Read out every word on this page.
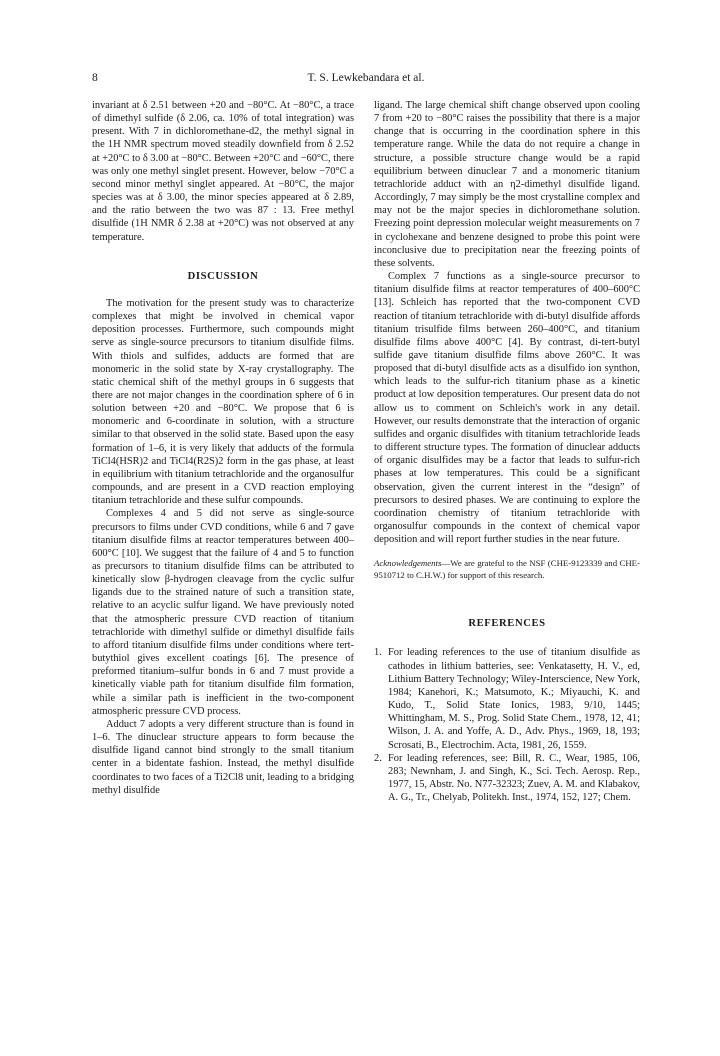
8	T. S. Lewkebandara et al.

invariant at δ 2.51 between +20 and −80°C. At −80°C, a trace of dimethyl sulfide (δ 2.06, ca. 10% of total integration) was present. With 7 in dichloromethane-d2, the methyl signal in the 1H NMR spectrum moved steadily downfield from δ 2.52 at +20°C to δ 3.00 at −80°C. Between +20°C and −60°C, there was only one methyl singlet present. However, below −70°C a second minor methyl singlet appeared. At −80°C, the major species was at δ 3.00, the minor species appeared at δ 2.89, and the ratio between the two was 87 : 13. Free methyl disulfide (1H NMR δ 2.38 at +20°C) was not observed at any temperature.

DISCUSSION

The motivation for the present study was to characterize complexes that might be involved in chemical vapor deposition processes. Furthermore, such compounds might serve as single-source precursors to titanium disulfide films. With thiols and sulfides, adducts are formed that are monomeric in the solid state by X-ray crystallography. The static chemical shift of the methyl groups in 6 suggests that there are not major changes in the coordination sphere of 6 in solution between +20 and −80°C. We propose that 6 is monomeric and 6-coordinate in solution, with a structure similar to that observed in the solid state. Based upon the easy formation of 1–6, it is very likely that adducts of the formula TiCl4(HSR)2 and TiCl4(R2S)2 form in the gas phase, at least in equilibrium with titanium tetrachloride and the organosulfur compounds, and are present in a CVD reaction employing titanium tetrachloride and these sulfur compounds.

Complexes 4 and 5 did not serve as single-source precursors to films under CVD conditions, while 6 and 7 gave titanium disulfide films at reactor temperatures between 400–600°C [10]. We suggest that the failure of 4 and 5 to function as precursors to titanium disulfide films can be attributed to kinetically slow β-hydrogen cleavage from the cyclic sulfur ligands due to the strained nature of such a transition state, relative to an acyclic sulfur ligand. We have previously noted that the atmospheric pressure CVD reaction of titanium tetrachloride with dimethyl sulfide or dimethyl disulfide fails to afford titanium disulfide films under conditions where tert-butythiol gives excellent coatings [6]. The presence of preformed titanium–sulfur bonds in 6 and 7 must provide a kinetically viable path for titanium disulfide film formation, while a similar path is inefficient in the two-component atmospheric pressure CVD process.

Adduct 7 adopts a very different structure than is found in 1–6. The dinuclear structure appears to form because the disulfide ligand cannot bind strongly to the small titanium center in a bidentate fashion. Instead, the methyl disulfide coordinates to two faces of a Ti2Cl8 unit, leading to a bridging methyl disulfide

ligand. The large chemical shift change observed upon cooling 7 from +20 to −80°C raises the possibility that there is a major change that is occurring in the coordination sphere in this temperature range. While the data do not require a change in structure, a possible structure change would be a rapid equilibrium between dinuclear 7 and a monomeric titanium tetrachloride adduct with an η2-dimethyl disulfide ligand. Accordingly, 7 may simply be the most crystalline complex and may not be the major species in dichloromethane solution. Freezing point depression molecular weight measurements on 7 in cyclohexane and benzene designed to probe this point were inconclusive due to precipitation near the freezing points of these solvents.

Complex 7 functions as a single-source precursor to titanium disulfide films at reactor temperatures of 400–600°C [13]. Schleich has reported that the two-component CVD reaction of titanium tetrachloride with di-butyl disulfide affords titanium trisulfide films between 260–400°C, and titanium disulfide films above 400°C [4]. By contrast, di-tert-butyl sulfide gave titanium disulfide films above 260°C. It was proposed that di-butyl disulfide acts as a disulfido ion synthon, which leads to the sulfur-rich titanium phase as a kinetic product at low deposition temperatures. Our present data do not allow us to comment on Schleich's work in any detail. However, our results demonstrate that the interaction of organic sulfides and organic disulfides with titanium tetrachloride leads to different structure types. The formation of dinuclear adducts of organic disulfides may be a factor that leads to sulfur-rich phases at low temperatures. This could be a significant observation, given the current interest in the “design” of precursors to desired phases. We are continuing to explore the coordination chemistry of titanium tetrachloride with organosulfur compounds in the context of chemical vapor deposition and will report further studies in the near future.

Acknowledgements—We are grateful to the NSF (CHE-9123339 and CHE-9510712 to C.H.W.) for support of this research.

REFERENCES
1. For leading references to the use of titanium disulfide as cathodes in lithium batteries, see: Venkatasetty, H. V., ed, Lithium Battery Technology; Wiley-Interscience, New York, 1984; Kanehori, K.; Matsumoto, K.; Miyauchi, K. and Kudo, T., Solid State Ionics, 1983, 9/10, 1445; Whittingham, M. S., Prog. Solid State Chem., 1978, 12, 41; Wilson, J. A. and Yoffe, A. D., Adv. Phys., 1969, 18, 193; Scrosati, B., Electrochim. Acta, 1981, 26, 1559.
2. For leading references, see: Bill, R. C., Wear, 1985, 106, 283; Newnham, J. and Singh, K., Sci. Tech. Aerosp. Rep., 1977, 15, Abstr. No. N77-32323; Zuev, A. M. and Klabakov, A. G., Tr., Chelyab, Politekh. Inst., 1974, 152, 127; Chem.
